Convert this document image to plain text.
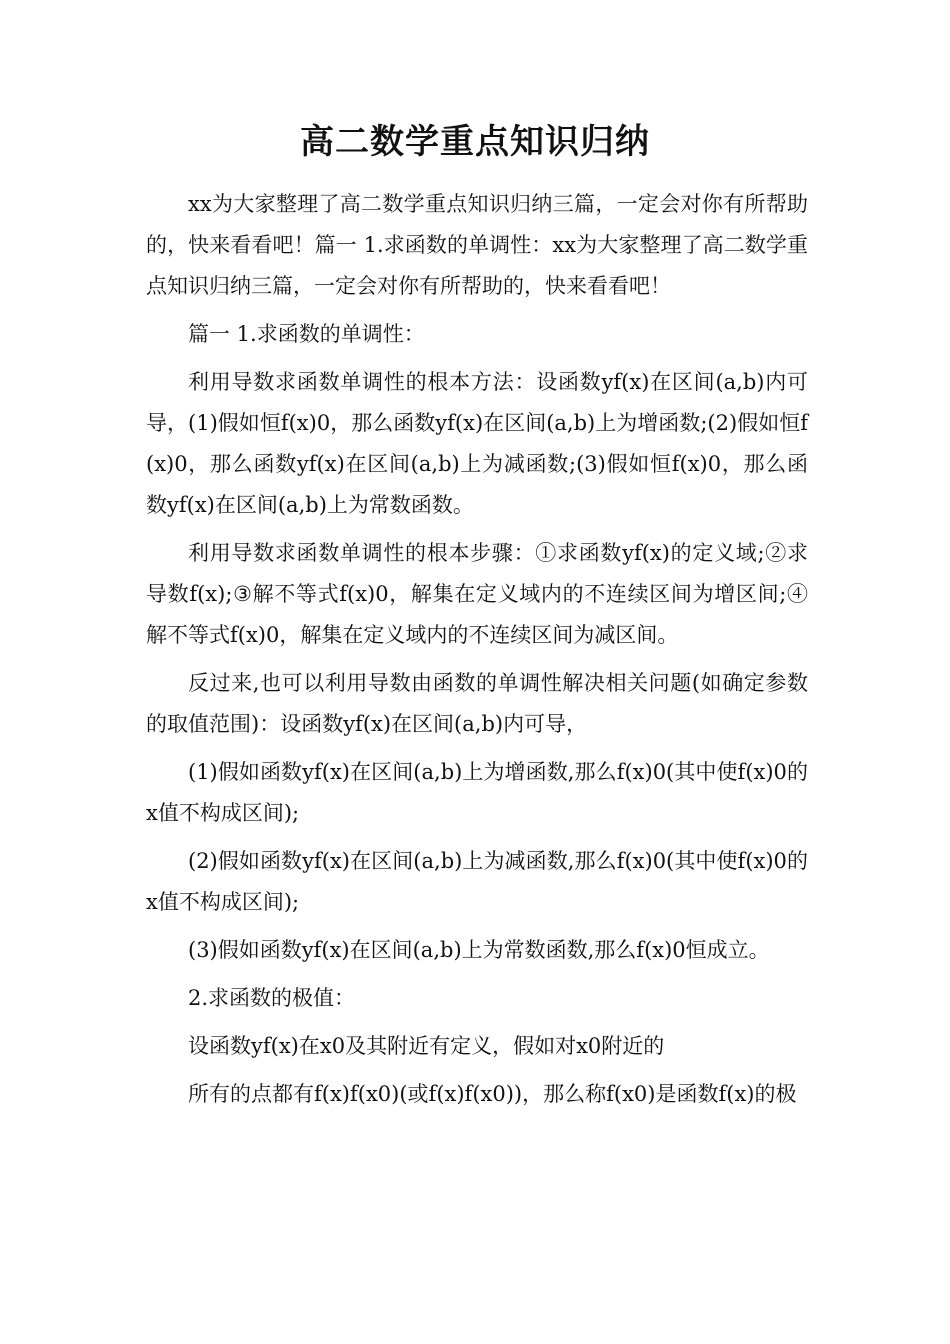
高二数学重点知识归纳

xx为大家整理了高二数学重点知识归纳三篇，一定会对你有所帮助的，快来看看吧！篇一 1.求函数的单调性：xx为大家整理了高二数学重点知识归纳三篇，一定会对你有所帮助的，快来看看吧！

篇一 1.求函数的单调性：

利用导数求函数单调性的根本方法：设函数yf(x)在区间(a,b)内可导，(1)假如恒f(x)0，那么函数yf(x)在区间(a,b)上为增函数;(2)假如恒f(x)0，那么函数yf(x)在区间(a,b)上为减函数;(3)假如恒f(x)0，那么函数yf(x)在区间(a,b)上为常数函数。

利用导数求函数单调性的根本步骤：①求函数yf(x)的定义域;②求导数f(x);③解不等式f(x)0，解集在定义域内的不连续区间为增区间;④解不等式f(x)0，解集在定义域内的不连续区间为减区间。

反过来,也可以利用导数由函数的单调性解决相关问题(如确定参数的取值范围)：设函数yf(x)在区间(a,b)内可导，

(1)假如函数yf(x)在区间(a,b)上为增函数,那么f(x)0(其中使f(x)0的x值不构成区间);

(2)假如函数yf(x)在区间(a,b)上为减函数,那么f(x)0(其中使f(x)0的x值不构成区间);

(3)假如函数yf(x)在区间(a,b)上为常数函数,那么f(x)0恒成立。

2.求函数的极值：

设函数yf(x)在x0及其附近有定义，假如对x0附近的

所有的点都有f(x)f(x0)(或f(x)f(x0))，那么称f(x0)是函数f(x)的极
